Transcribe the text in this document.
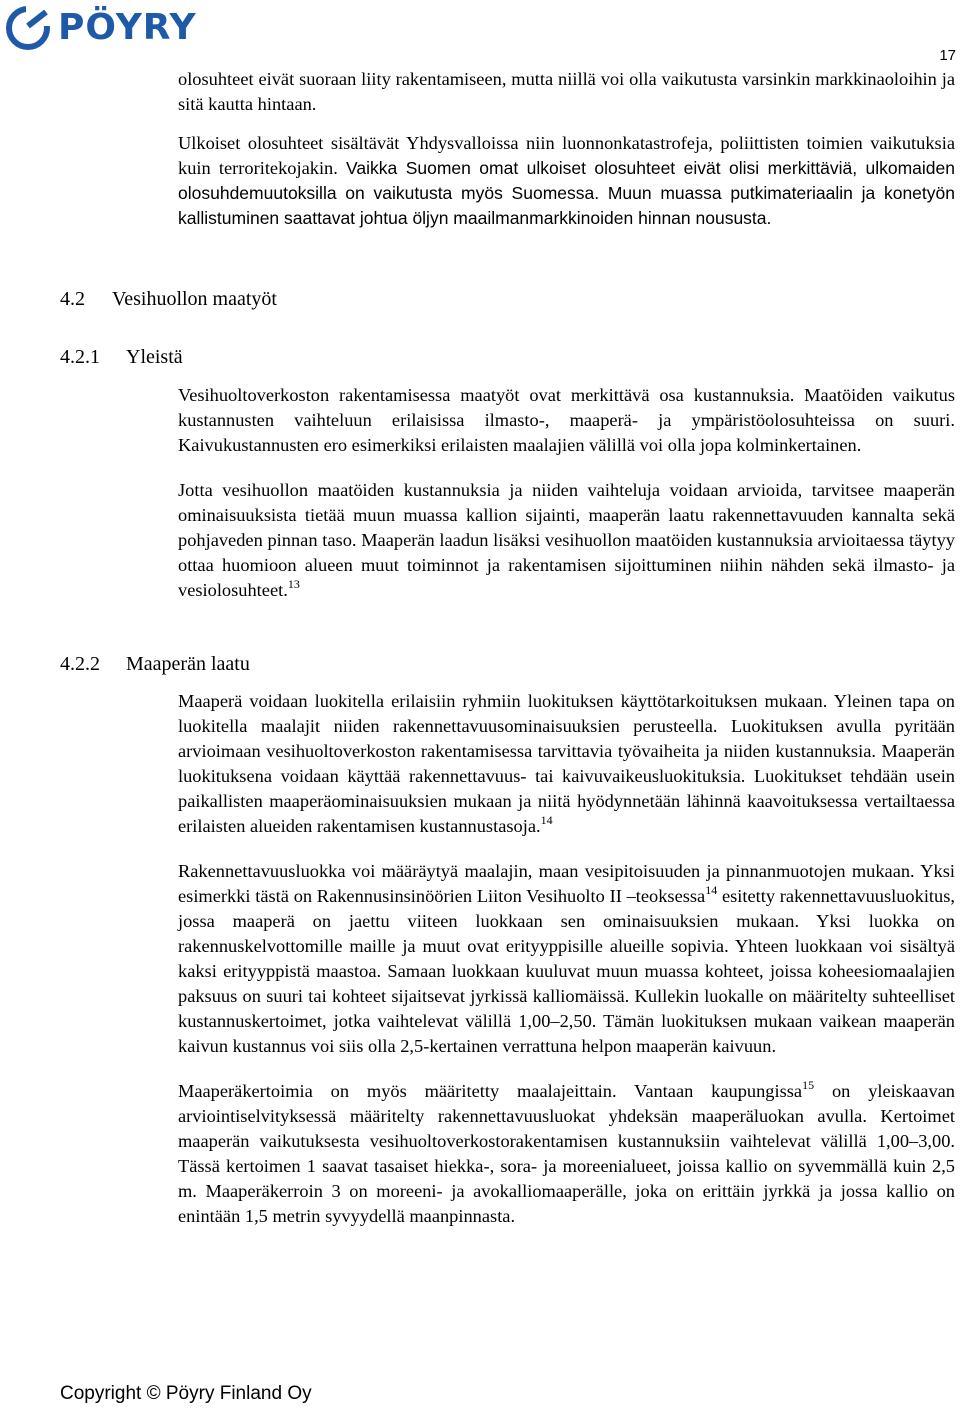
PÖYRY
17

olosuhteet eivät suoraan liity rakentamiseen, mutta niillä voi olla vaikutusta varsinkin markkinaoloihin ja sitä kautta hintaan.

Ulkoiset olosuhteet sisältävät Yhdysvalloissa niin luonnonkatastrofeja, poliittisten toimien vaikutuksia kuin terroritekojakin. Vaikka Suomen omat ulkoiset olosuhteet eivät olisi merkittäviä, ulkomaiden olosuhdemuutoksilla on vaikutusta myös Suomessa. Muun muassa putkimateriaalin ja konetyön kallistuminen saattavat johtua öljyn maailmanmarkkinoiden hinnan noususta.

4.2 Vesihuollon maatyöt
4.2.1 Yleistä

Vesihuoltoverkoston rakentamisessa maatyöt ovat merkittävä osa kustannuksia. Maatöiden vaikutus kustannusten vaihteluun erilaisissa ilmasto-, maaperä- ja ympäristöolosuhteissa on suuri. Kaivukustannusten ero esimerkiksi erilaisten maalajien välillä voi olla jopa kolminkertainen.

Jotta vesihuollon maatöiden kustannuksia ja niiden vaihteluja voidaan arvioida, tarvitsee maaperän ominaisuuksista tietää muun muassa kallion sijainti, maaperän laatu rakennettavuuden kannalta sekä pohjaveden pinnan taso. Maaperän laadun lisäksi vesihuollon maatöiden kustannuksia arvioitaessa täytyy ottaa huomioon alueen muut toiminnot ja rakentamisen sijoittuminen niihin nähden sekä ilmasto- ja vesiolosuhteet.$^{13}$

4.2.2 Maaperän laatu

Maaperä voidaan luokitella erilaisiin ryhmiin luokituksen käyttötarkoituksen mukaan. Yleinen tapa on luokitella maalajit niiden rakennettavuusominaisuuksien perusteella. Luokituksen avulla pyritään arvioimaan vesihuoltoverkoston rakentamisessa tarvittavia työvaiheita ja niiden kustannuksia. Maaperän luokituksena voidaan käyttää rakennettavuus- tai kaivuvaikeusluokituksia. Luokitukset tehdään usein paikallisten maaperäominaisuuksien mukaan ja niitä hyödynnetään lähinnä kaavoituksessa vertailtaessa erilaisten alueiden rakentamisen kustannustasoja.$^{14}$

Rakennettavuusluokka voi määräytyä maalajin, maan vesipitoisuuden ja pinnanmuotojen mukaan. Yksi esimerkki tästä on Rakennusinsinöörien Liiton Vesihuolto II –teoksessa$^{14}$ esitetty rakennettavuusluokitus, jossa maaperä on jaettu viiteen luokkaan sen ominaisuuksien mukaan. Yksi luokka on rakennuskelvottomille maille ja muut ovat erityyppisille alueille sopivia. Yhteen luokkaan voi sisältyä kaksi erityyppistä maastoa. Samaan luokkaan kuuluvat muun muassa kohteet, joissa koheesiomaalajien paksuus on suuri tai kohteet sijaitsevat jyrkissä kalliomäissä. Kullekin luokalle on määritelty suhteelliset kustannuskertoimet, jotka vaihtelevat välillä 1,00–2,50. Tämän luokituksen mukaan vaikean maaperän kaivun kustannus voi siis olla 2,5-kertainen verrattuna helpon maaperän kaivuun.

Maaperäkertoimia on myös määritetty maalajeittain. Vantaan kaupungissa$^{15}$ on yleiskaavan arviointiselvityksessä määritelty rakennettavuusluokat yhdeksän maaperäluokan avulla. Kertoimet maaperän vaikutuksesta vesihuoltoverkostorakentamisen kustannuksiin vaihtelevat välillä 1,00–3,00. Tässä kertoimen 1 saavat tasaiset hiekka-, sora- ja moreenialueet, joissa kallio on syvemmällä kuin 2,5 m. Maaperäkerroin 3 on moreeni- ja avokalliomaaperälle, joka on erittäin jyrkkä ja jossa kallio on enintään 1,5 metrin syvyydellä maanpinnasta.

Copyright © Pöyry Finland Oy
